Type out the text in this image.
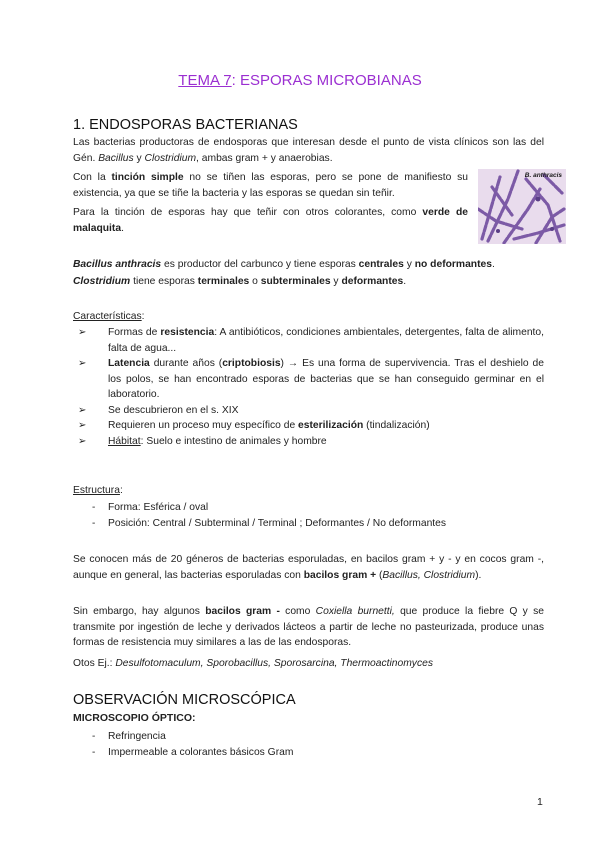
TEMA 7: ESPORAS MICROBIANAS
1. ENDOSPORAS BACTERIANAS
Las bacterias productoras de endosporas que interesan desde el punto de vista clínicos son las del Gén. Bacillus y Clostridium, ambas gram + y anaerobias.
Con la tinción simple no se tiñen las esporas, pero se pone de manifiesto su existencia, ya que se tiñe la bacteria y las esporas se quedan sin teñir.
Para la tinción de esporas hay que teñir con otros colorantes, como verde de malaquita.
B. anthracis
Bacillus anthracis es productor del carbunco y tiene esporas centrales y no deformantes.
Clostridium tiene esporas terminales o subterminales y deformantes.
Características:
➢ Formas de resistencia: A antibióticos, condiciones ambientales, detergentes, falta de alimento, falta de agua...
➢ Latencia durante años (criptobiosis) → Es una forma de supervivencia. Tras el deshielo de los polos, se han encontrado esporas de bacterias que se han conseguido germinar en el laboratorio.
➢ Se descubrieron en el s. XIX
➢ Requieren un proceso muy específico de esterilización (tindalización)
➢ Hábitat: Suelo e intestino de animales y hombre
Estructura:
- Forma: Esférica / oval
- Posición: Central / Subterminal / Terminal ; Deformantes / No deformantes
Se conocen más de 20 géneros de bacterias esporuladas, en bacilos gram + y - y en cocos gram -, aunque en general, las bacterias esporuladas con bacilos gram + (Bacillus, Clostridium).
Sin embargo, hay algunos bacilos gram - como Coxiella burnetti, que produce la fiebre Q y se transmite por ingestión de leche y derivados lácteos a partir de leche no pasteurizada, produce unas formas de resistencia muy similares a las de las endosporas.
Otos Ej.: Desulfotomaculum, Sporobacillus, Sporosarcina, Thermoactinomyces
OBSERVACIÓN MICROSCÓPICA
MICROSCOPIO ÓPTICO:
- Refringencia
- Impermeable a colorantes básicos Gram
1
